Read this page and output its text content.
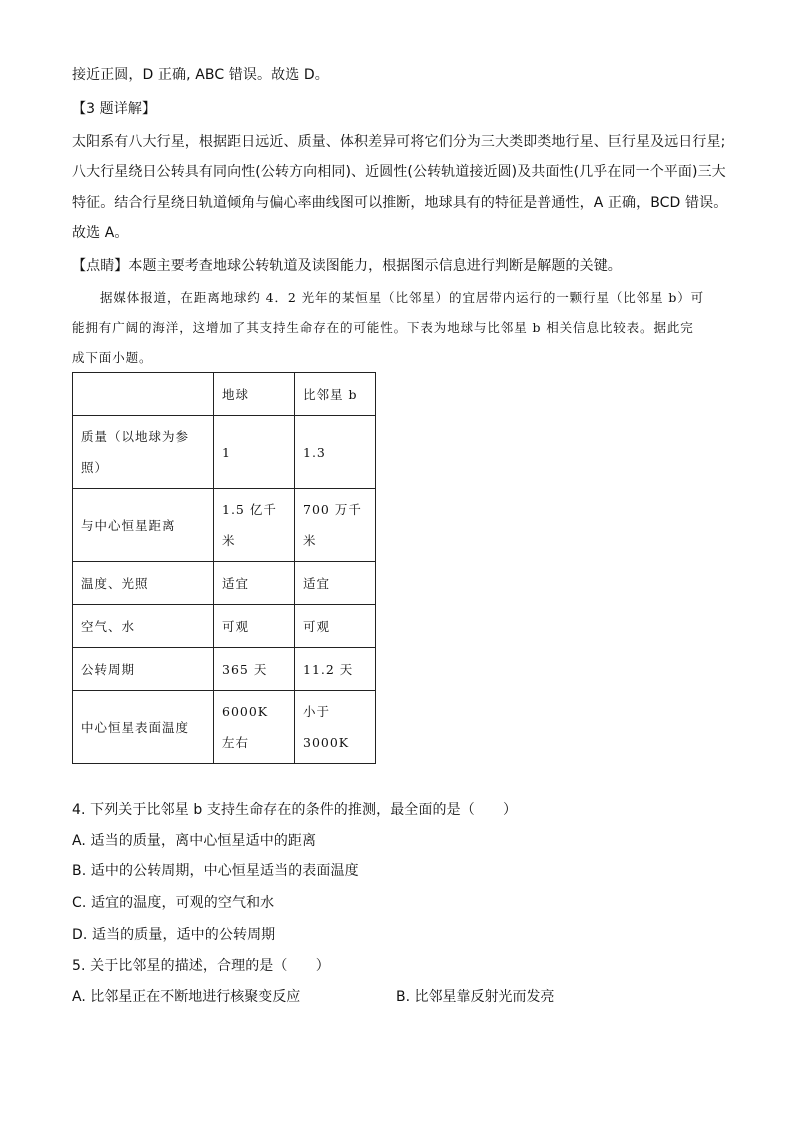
接近正圆，D 正确, ABC 错误。故选 D。
【3 题详解】
太阳系有八大行星，根据距日远近、质量、体积差异可将它们分为三大类即类地行星、巨行星及远日行星;
八大行星绕日公转具有同向性(公转方向相同)、近圆性(公转轨道接近圆)及共面性(几乎在同一个平面)三大
特征。结合行星绕日轨道倾角与偏心率曲线图可以推断，地球具有的特征是普通性，A 正确，BCD 错误。
故选 A。
【点睛】本题主要考查地球公转轨道及读图能力，根据图示信息进行判断是解题的关键。
据媒体报道，在距离地球约 4．2 光年的某恒星（比邻星）的宜居带内运行的一颗行星（比邻星 b）可
能拥有广阔的海洋，这增加了其支持生命存在的可能性。下表为地球与比邻星 b 相关信息比较表。据此完
成下面小题。
	地球	比邻星 b
质量（以地球为参照）	1	1.3
与中心恒星距离	1.5 亿千米	700 万千米
温度、光照	适宜	适宜
空气、水	可观	可观
公转周期	365 天	11.2 天
中心恒星表面温度	6000K 左右	小于 3000K
4. 下列关于比邻星 b 支持生命存在的条件的推测，最全面的是（　　）
A. 适当的质量，离中心恒星适中的距离
B. 适中的公转周期，中心恒星适当的表面温度
C. 适宜的温度，可观的空气和水
D. 适当的质量，适中的公转周期
5. 关于比邻星的描述，合理的是（　　）
A. 比邻星正在不断地进行核聚变反应	B. 比邻星靠反射光而发亮
